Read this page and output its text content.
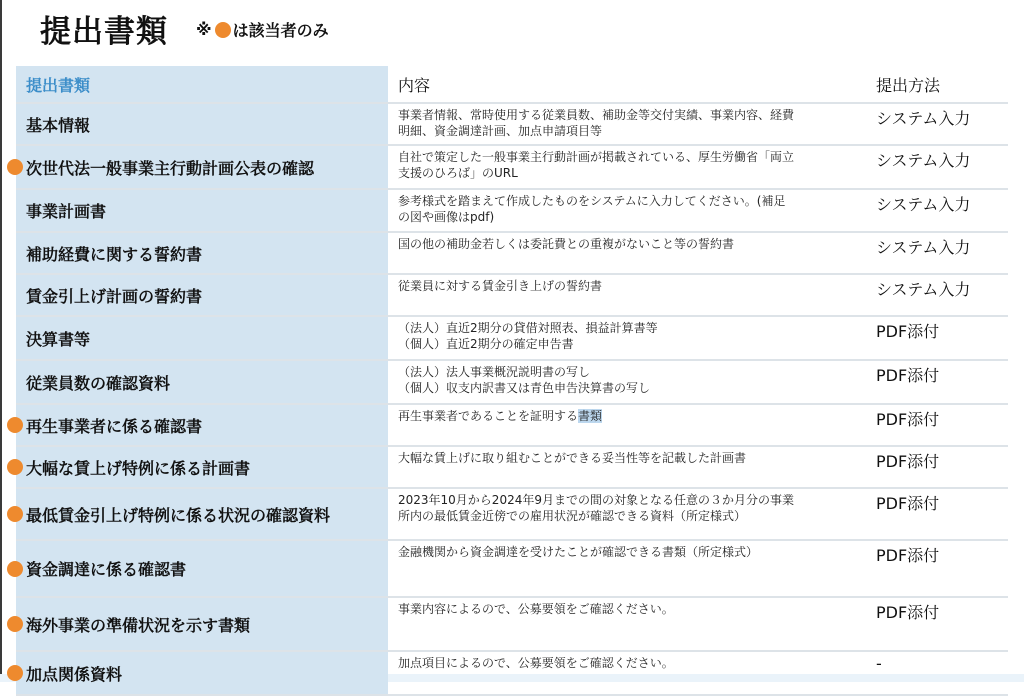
提出書類 ※ は該当者のみ
提出書類	内容	提出方法

基本情報	事業者情報、常時使用する従業員数、補助金等交付実績、事業内容、経費
明細、資金調達計画、加点申請項目等	システム入力

次世代法一般事業主行動計画公表の確認	自社で策定した一般事業主行動計画が掲載されている、厚生労働省「両立
支援のひろば」のURL	システム入力

事業計画書	参考様式を踏まえて作成したものをシステムに入力してください。(補足
の図や画像はpdf)	システム入力

補助経費に関する誓約書	国の他の補助金若しくは委託費との重複がないこと等の誓約書	システム入力

賃金引上げ計画の誓約書	従業員に対する賃金引き上げの誓約書	システム入力

決算書等	（法人）直近2期分の貸借対照表、損益計算書等
（個人）直近2期分の確定申告書	PDF添付

従業員数の確認資料	（法人）法人事業概況説明書の写し
（個人）収支内訳書又は青色申告決算書の写し	PDF添付

再生事業者に係る確認書	再生事業者であることを証明する書類	PDF添付

大幅な賃上げ特例に係る計画書	大幅な賃上げに取り組むことができる妥当性等を記載した計画書	PDF添付

最低賃金引上げ特例に係る状況の確認資料	2023年10月から2024年9月までの間の対象となる任意の３か月分の事業
所内の最低賃金近傍での雇用状況が確認できる資料（所定様式）	PDF添付

資金調達に係る確認書	金融機関から資金調達を受けたことが確認できる書類（所定様式）	PDF添付

海外事業の準備状況を示す書類	事業内容によるので、公募要領をご確認ください。	PDF添付

加点関係資料	加点項目によるので、公募要領をご確認ください。	-
